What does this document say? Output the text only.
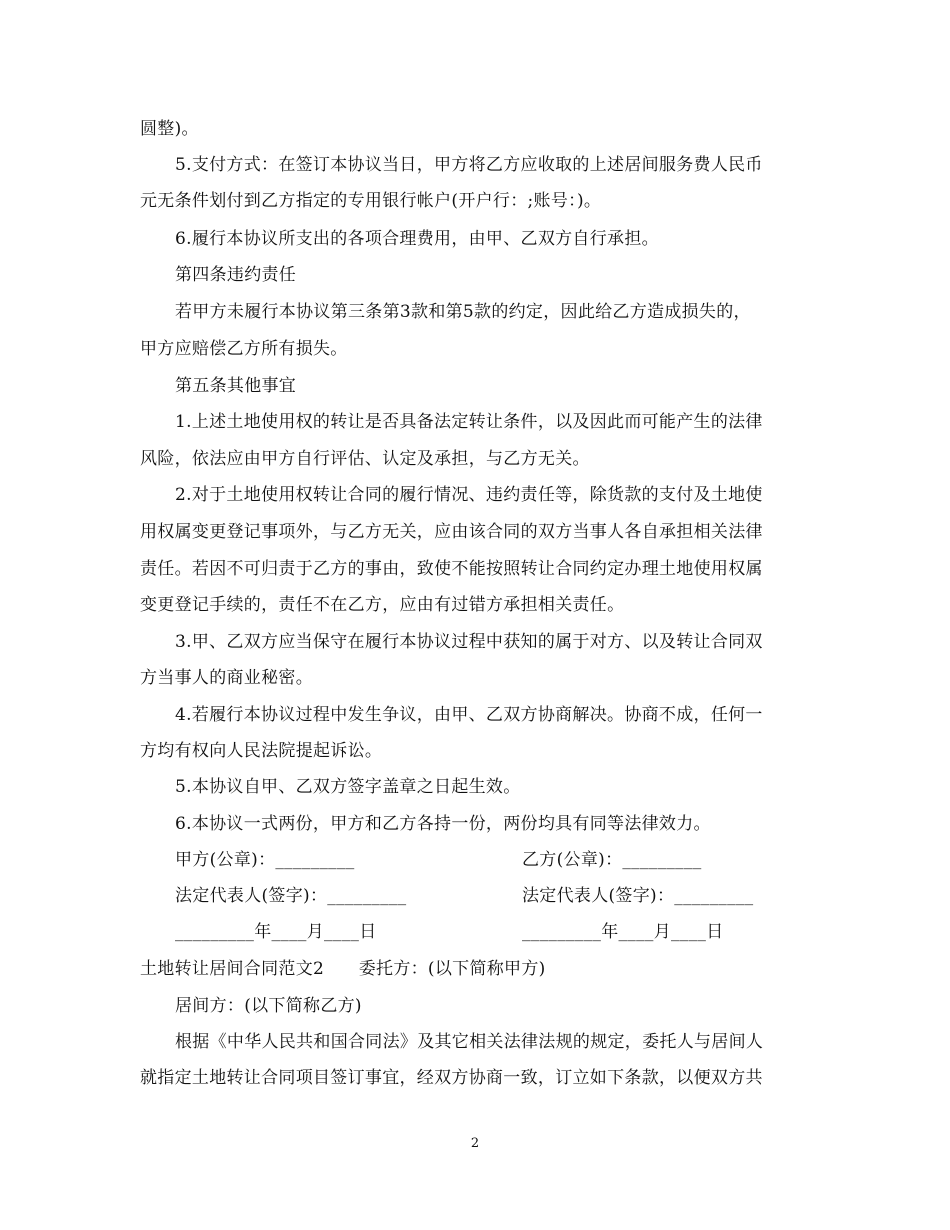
圆整)。
5.支付方式：在签订本协议当日，甲方将乙方应收取的上述居间服务费人民币
元无条件划付到乙方指定的专用银行帐户(开户行：;账号：)。
6.履行本协议所支出的各项合理费用，由甲、乙双方自行承担。
第四条违约责任
若甲方未履行本协议第三条第3款和第5款的约定，因此给乙方造成损失的，
甲方应赔偿乙方所有损失。
第五条其他事宜
1.上述土地使用权的转让是否具备法定转让条件，以及因此而可能产生的法律
风险，依法应由甲方自行评估、认定及承担，与乙方无关。
2.对于土地使用权转让合同的履行情况、违约责任等，除货款的支付及土地使
用权属变更登记事项外，与乙方无关，应由该合同的双方当事人各自承担相关法律
责任。若因不可归责于乙方的事由，致使不能按照转让合同约定办理土地使用权属
变更登记手续的，责任不在乙方，应由有过错方承担相关责任。
3.甲、乙双方应当保守在履行本协议过程中获知的属于对方、以及转让合同双
方当事人的商业秘密。
4.若履行本协议过程中发生争议，由甲、乙双方协商解决。协商不成，任何一
方均有权向人民法院提起诉讼。
5.本协议自甲、乙双方签字盖章之日起生效。
6.本协议一式两份，甲方和乙方各持一份，两份均具有同等法律效力。
甲方(公章)：_________	乙方(公章)：_________
法定代表人(签字)：_________	法定代表人(签字)：_________
_________年____月____日	_________年____月____日
土地转让居间合同范文2　　委托方：(以下简称甲方)
居间方：(以下简称乙方)
根据《中华人民共和国合同法》及其它相关法律法规的规定，委托人与居间人
就指定土地转让合同项目签订事宜，经双方协商一致，订立如下条款，以便双方共
2
